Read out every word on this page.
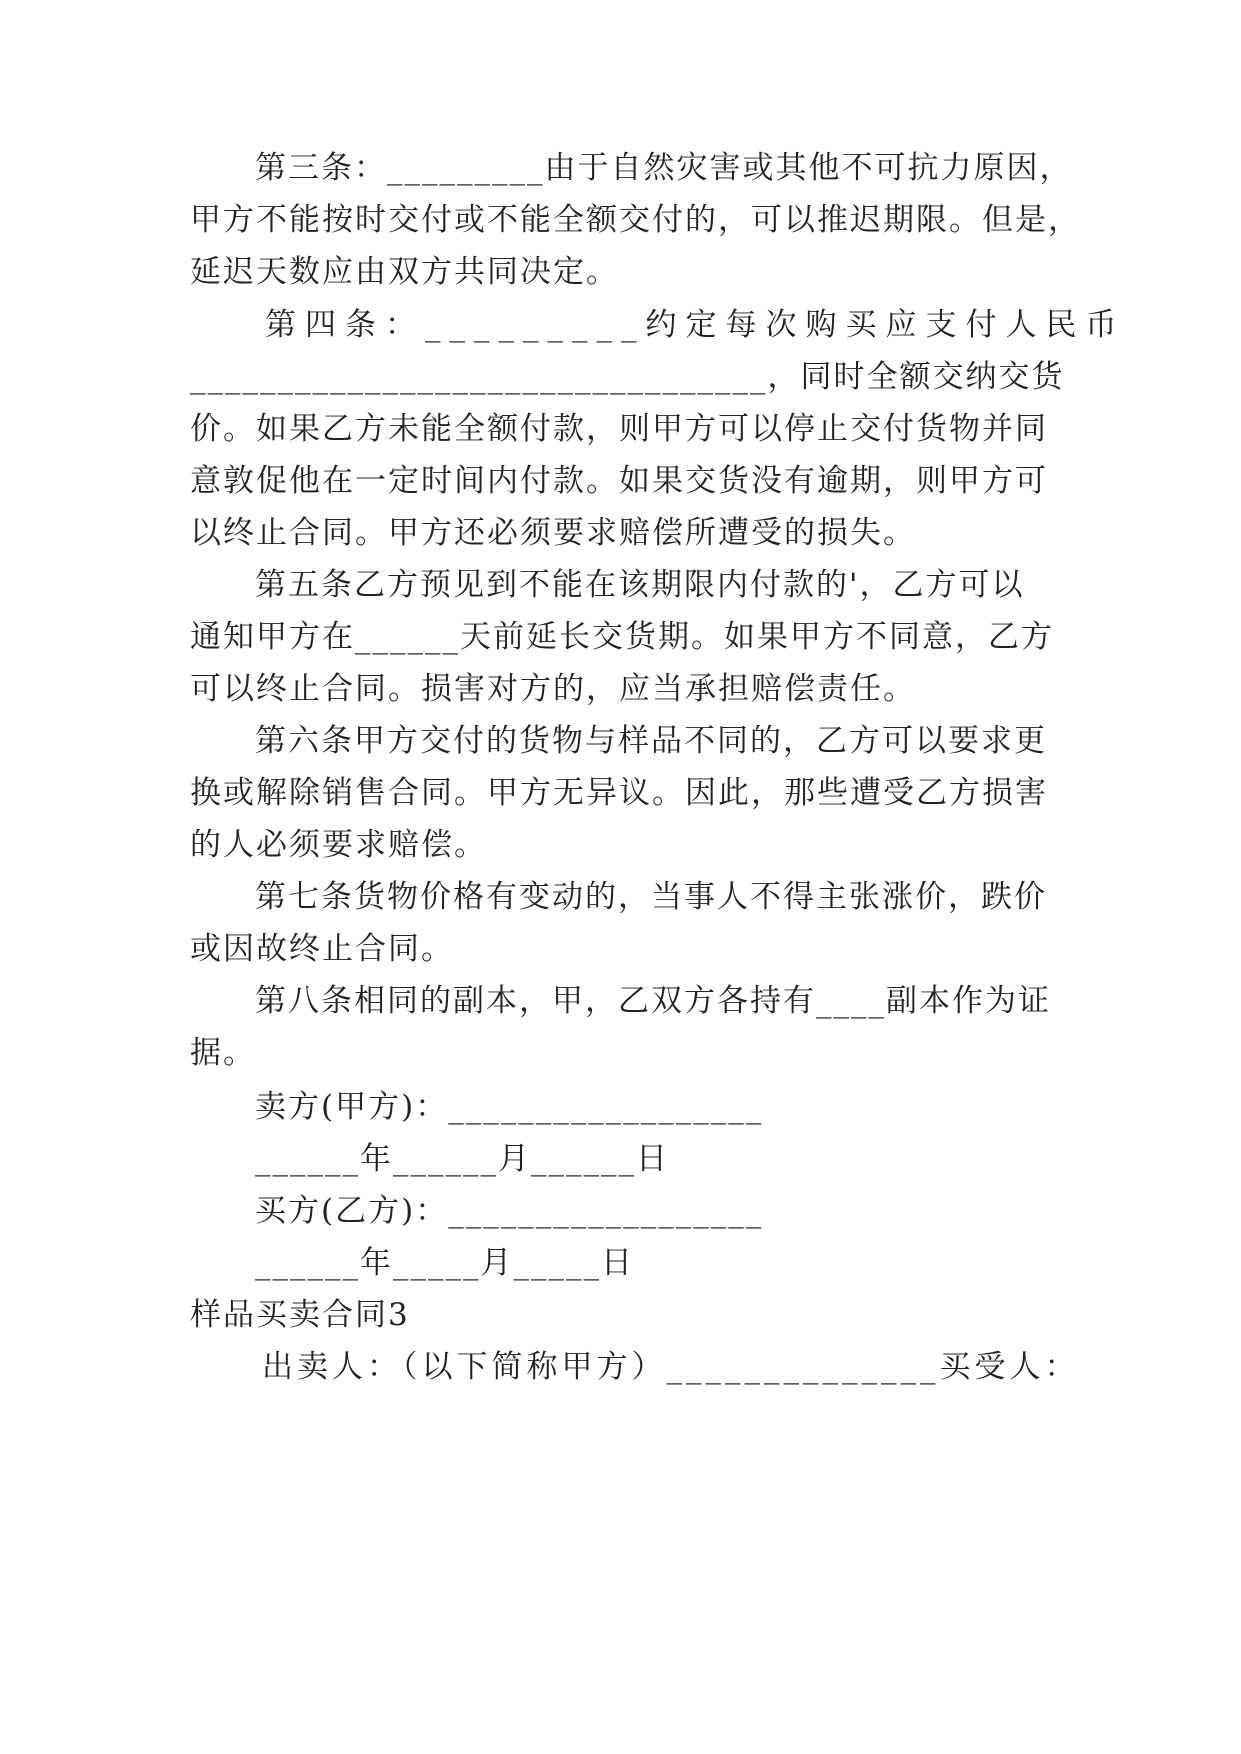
第三条：_________由于自然灾害或其他不可抗力原因，
甲方不能按时交付或不能全额交付的，可以推迟期限。但是，
延迟天数应由双方共同决定。
第四条：_________约定每次购买应支付人民币
_________________________________，同时全额交纳交货
价。如果乙方未能全额付款，则甲方可以停止交付货物并同
意敦促他在一定时间内付款。如果交货没有逾期，则甲方可
以终止合同。甲方还必须要求赔偿所遭受的损失。
第五条乙方预见到不能在该期限内付款的'，乙方可以
通知甲方在______天前延长交货期。如果甲方不同意，乙方
可以终止合同。损害对方的，应当承担赔偿责任。
第六条甲方交付的货物与样品不同的，乙方可以要求更
换或解除销售合同。甲方无异议。因此，那些遭受乙方损害
的人必须要求赔偿。
第七条货物价格有变动的，当事人不得主张涨价，跌价
或因故终止合同。
第八条相同的副本，甲，乙双方各持有____副本作为证
据。
卖方(甲方)：__________________
______年______月______日
买方(乙方)：__________________
______年_____月_____日
样品买卖合同3
出卖人：（以下简称甲方）______________买受人：
